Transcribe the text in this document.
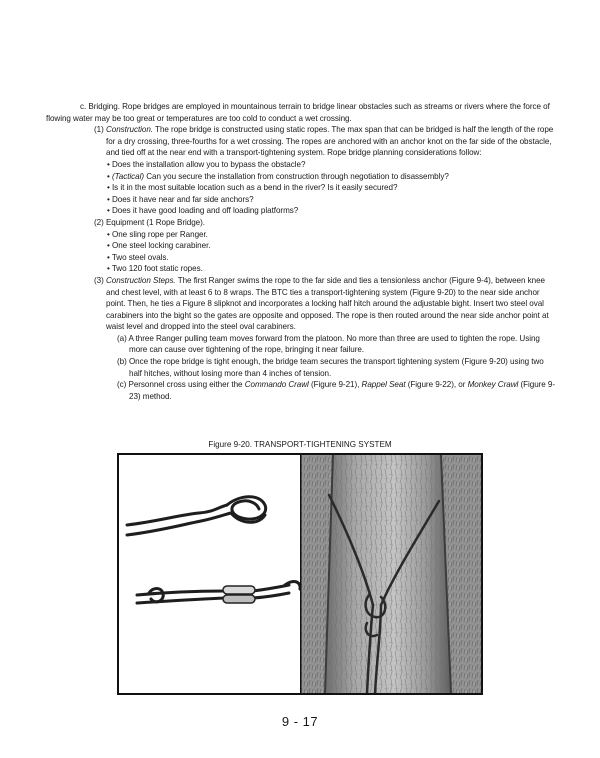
c. Bridging. Rope bridges are employed in mountainous terrain to bridge linear obstacles such as streams or rivers where the force of flowing water may be too great or temperatures are too cold to conduct a wet crossing.

(1) Construction. The rope bridge is constructed using static ropes. The max span that can be bridged is half the length of the rope for a dry crossing, three-fourths for a wet crossing. The ropes are anchored with an anchor knot on the far side of the obstacle, and tied off at the near end with a transport-tightening system. Rope bridge planning considerations follow:

• Does the installation allow you to bypass the obstacle?

• (Tactical) Can you secure the installation from construction through negotiation to disassembly?

• Is it in the most suitable location such as a bend in the river? Is it easily secured?

• Does it have near and far side anchors?

• Does it have good loading and off loading platforms?

(2) Equipment (1 Rope Bridge).

• One sling rope per Ranger.

• One steel locking carabiner.

• Two steel ovals.

• Two 120 foot static ropes.

(3) Construction Steps. The first Ranger swims the rope to the far side and ties a tensionless anchor (Figure 9-4), between knee and chest level, with at least 6 to 8 wraps. The BTC ties a transport-tightening system (Figure 9-20) to the near side anchor point. Then, he ties a Figure 8 slipknot and incorporates a locking half hitch around the adjustable bight. Insert two steel oval carabiners into the bight so the gates are opposite and opposed. The rope is then routed around the near side anchor point at waist level and dropped into the steel oval carabiners.

(a) A three Ranger pulling team moves forward from the platoon. No more than three are used to tighten the rope. Using more can cause over tightening of the rope, bringing it near failure.

(b) Once the rope bridge is tight enough, the bridge team secures the transport tightening system (Figure 9-20) using two half hitches, without losing more than 4 inches of tension.

(c) Personnel cross using either the Commando Crawl (Figure 9-21), Rappel Seat (Figure 9-22), or Monkey Crawl (Figure 9-23) method.

Figure 9-20. TRANSPORT-TIGHTENING SYSTEM
9 - 17
